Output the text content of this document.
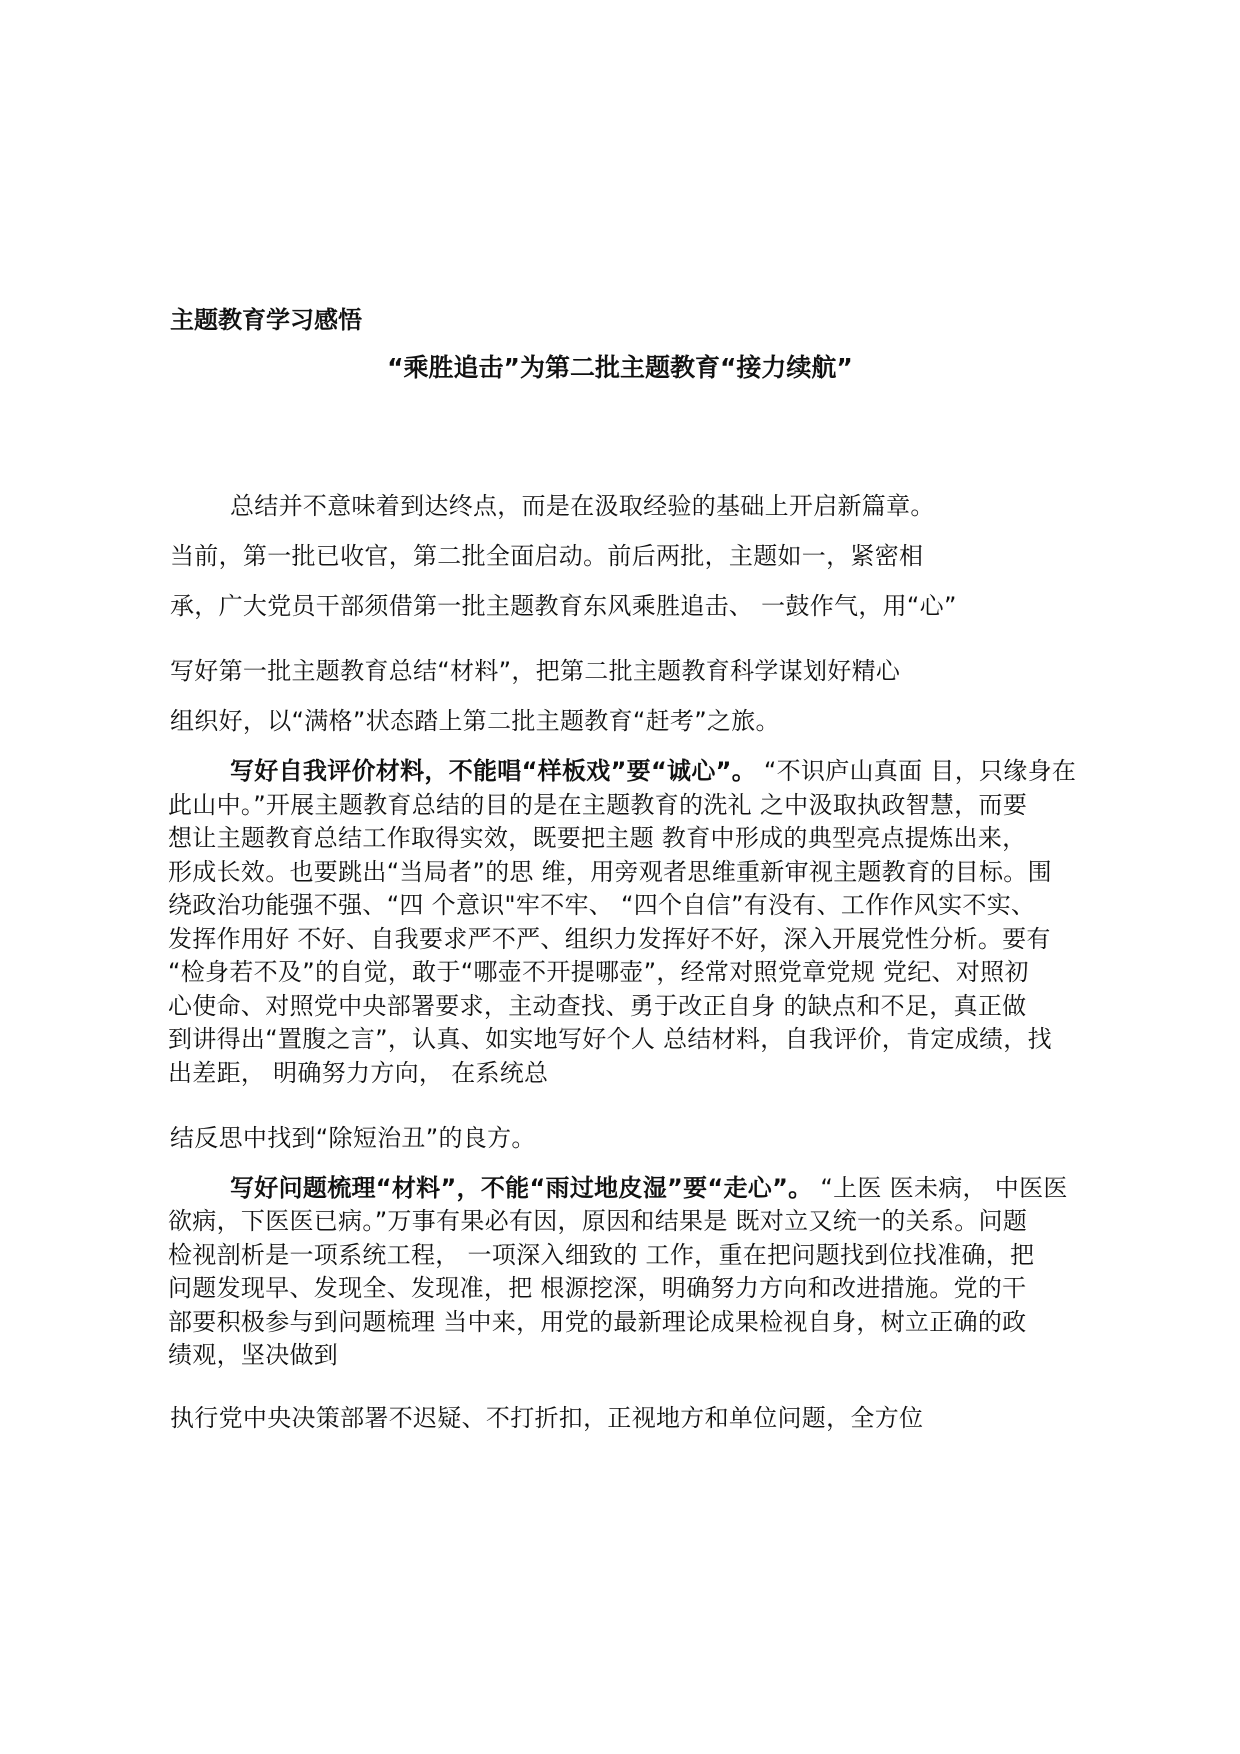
主题教育学习感悟
“乘胜追击”为第二批主题教育“接力续航”
总结并不意味着到达终点，而是在汲取经验的基础上开启新篇章。
当前，第一批已收官，第二批全面启动。前后两批，主题如一，紧密相
承，广大党员干部须借第一批主题教育东风乘胜追击、 一鼓作气，用“心”
写好第一批主题教育总结“材料”，把第二批主题教育科学谋划好精心
组织好，以“满格”状态踏上第二批主题教育“赶考”之旅。
写好自我评价材料，不能唱“样板戏”要“诚心”。 “不识庐山真面 目，只缘身在
此山中。”开展主题教育总结的目的是在主题教育的洗礼 之中汲取执政智慧，而要
想让主题教育总结工作取得实效，既要把主题 教育中形成的典型亮点提炼出来，
形成长效。也要跳出“当局者”的思 维，用旁观者思维重新审视主题教育的目标。围
绕政治功能强不强、“四 个意识"牢不牢、 “四个自信”有没有、工作作风实不实、
发挥作用好 不好、自我要求严不严、组织力发挥好不好，深入开展党性分析。要有
“检身若不及”的自觉，敢于“哪壶不开提哪壶”，经常对照党章党规 党纪、对照初
心使命、对照党中央部署要求，主动查找、勇于改正自身 的缺点和不足，真正做
到讲得出“置腹之言”，认真、如实地写好个人 总结材料，自我评价，肯定成绩，找
出差距， 明确努力方向， 在系统总
结反思中找到“除短治丑”的良方。
写好问题梳理“材料”，不能“雨过地皮湿”要“走心”。 “上医 医未病， 中医医
欲病，下医医已病。”万事有果必有因，原因和结果是 既对立又统一的关系。问题
检视剖析是一项系统工程， 一项深入细致的 工作，重在把问题找到位找准确，把
问题发现早、发现全、发现准，把 根源挖深，明确努力方向和改进措施。党的干
部要积极参与到问题梳理 当中来，用党的最新理论成果检视自身，树立正确的政
绩观，坚决做到
执行党中央决策部署不迟疑、不打折扣，正视地方和单位问题，全方位
